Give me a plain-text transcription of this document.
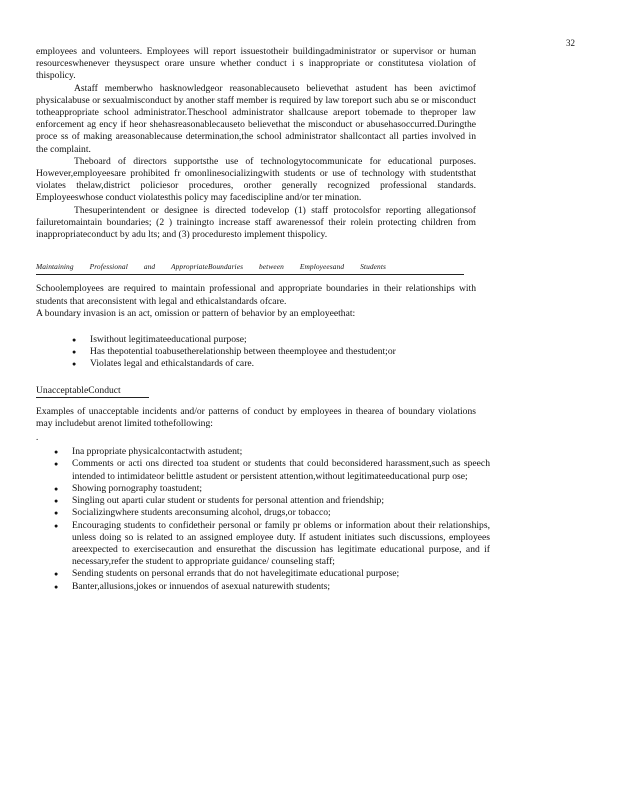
32

employees and volunteers. Employees will report issuestotheir buildingadministrator or supervisor or human resourceswhenever theysuspect orare unsure whether conduct i s inappropriate or constitutesa violation of thispolicy.

Astaff memberwho hasknowledgeor reasonablecauseto believethat astudent has been avictimof physicalabuse or sexualmisconduct by another staff member is required by law toreport such abu se or misconduct totheappropriate school administrator.Theschool administrator shallcause areport tobemade to theproper law enforcement ag ency if heor shehasreasonablecauseto believethat the misconduct or abusehasoccurred.Duringthe proce ss of making areasonablecause determination,the school administrator shallcontact all parties involved in the complaint.

Theboard of directors supportsthe use of technologytocommunicate for educational purposes. However,employeesare prohibited fr omonlinesocializingwith students or use of technology with studentsthat violates thelaw,district policiesor procedures, orother generally recognized professional standards. Employeeswhose conduct violatesthis policy may facediscipline and/or ter mination.

Thesuperintendent or designee is directed todevelop (1) staff protocolsfor reporting allegationsof failuretomaintain boundaries; (2 ) trainingto increase staff awarenessof their rolein protecting children from inappropriateconduct by adu lts; and (3) proceduresto implement thispolicy.

Maintaining Professional and AppropriateBoundaries between Employeesand Students

Schoolemployees are required to maintain professional and appropriate boundaries in their relationships with students that areconsistent with legal and ethicalstandards ofcare.

A boundary invasion is an act, omission or pattern of behavior by an employeethat:

● Iswithout legitimateeducational purpose;
● Has thepotential toabusetherelationship between theemployee and thestudent;or
● Violates legal and ethicalstandards of care.
UnacceptableConduct

Examples of unacceptable incidents and/or patterns of conduct by employees in thearea of boundary violations may includebut arenot limited tothefollowing:

.
● Ina ppropriate physicalcontactwith astudent;
● Comments or acti ons directed toa student or students that could beconsidered harassment,such as speech intended to intimidateor belittle astudent or persistent attention,without legitimateeducational purp ose;
● Showing pornography toastudent;
● Singling out aparti cular student or students for personal attention and friendship;
● Socializingwhere students areconsuming alcohol, drugs,or tobacco;
● Encouraging students to confidetheir personal or family pr oblems or information about their relationships, unless doing so is related to an assigned employee duty. If astudent initiates such discussions, employees areexpected to exercisecaution and ensurethat the discussion has legitimate educational purpose, and if necessary,refer the student to appropriate guidance/ counseling staff;
● Sending students on personal errands that do not havelegitimate educational purpose;
● Banter,allusions,jokes or innuendos of asexual naturewith students;
